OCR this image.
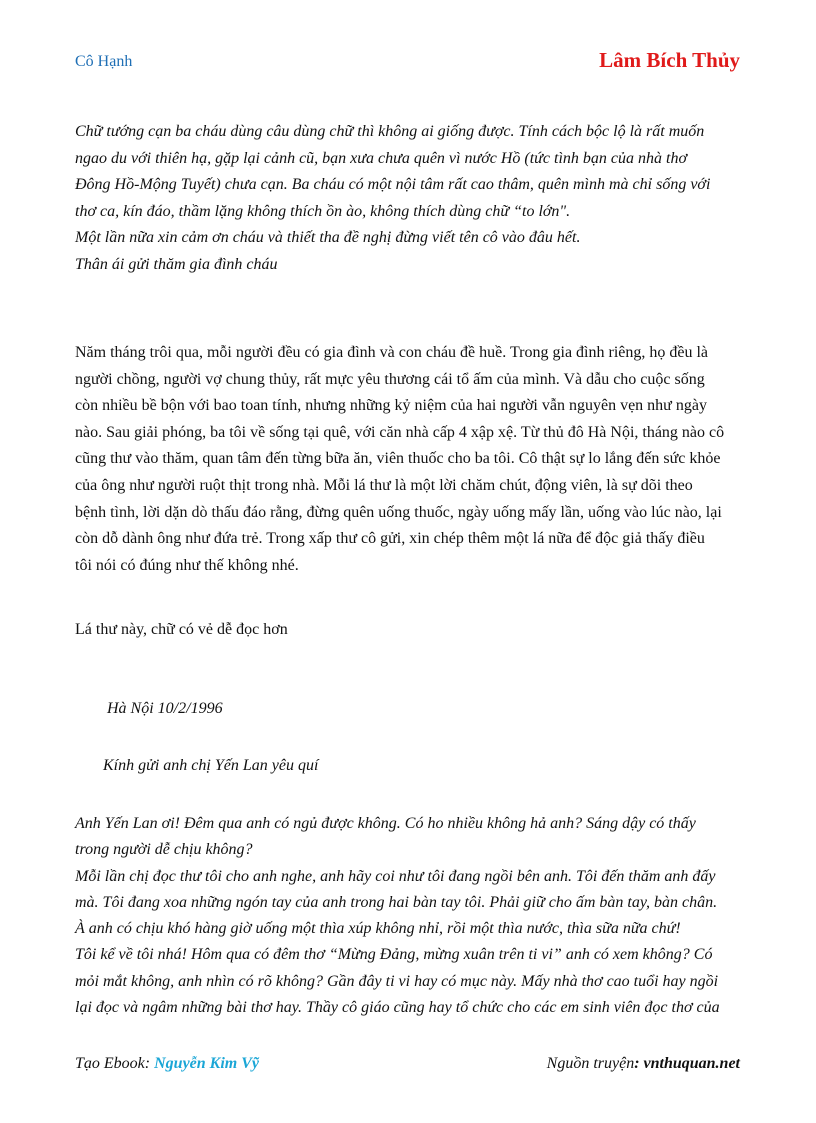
Cô Hạnh	Lâm Bích Thủy
Chữ tướng cạn ba cháu dùng câu dùng chữ thì không ai giống được. Tính cách bộc lộ là rất muốn
ngao du với thiên hạ, gặp lại cảnh cũ, bạn xưa chưa quên vì nước Hồ (tức tình bạn của nhà thơ
Đông Hồ-Mộng Tuyết) chưa cạn. Ba cháu có một nội tâm rất cao thâm, quên mình mà chỉ sống với
thơ ca, kín đáo, thầm lặng không thích ồn ào, không thích dùng chữ “to lớn".
Một lần nữa xin cảm ơn cháu và thiết tha đề nghị đừng viết tên cô vào đâu hết.
Thân ái gửi thăm gia đình cháu
Năm tháng trôi qua, mỗi người đều có gia đình và con cháu đề huề. Trong gia đình riêng, họ đều là
người chồng, người vợ chung thủy, rất mực yêu thương cái tổ ấm của mình. Và dẫu cho cuộc sống
còn nhiều bề bộn với bao toan tính, nhưng những kỷ niệm của hai người vẫn nguyên vẹn như ngày
nào. Sau giải phóng, ba tôi về sống tại quê, với căn nhà cấp 4 xập xệ. Từ thủ đô Hà Nội, tháng nào cô
cũng thư vào thăm, quan tâm đến từng bữa ăn, viên thuốc cho ba tôi. Cô thật sự lo lắng đến sức khỏe
của ông như người ruột thịt trong nhà. Mỗi lá thư là một lời chăm chút, động viên, là sự dõi theo
bệnh tình, lời dặn dò thấu đáo rằng, đừng quên uống thuốc, ngày uống mấy lần, uống vào lúc nào, lại
còn dỗ dành ông như đứa trẻ. Trong xấp thư cô gửi, xin chép thêm một lá nữa để độc giả thấy điều
tôi nói có đúng như thế không nhé.
Lá thư này, chữ có vẻ dễ đọc hơn
Hà Nội 10/2/1996
Kính gửi anh chị Yến Lan yêu quí
Anh Yến Lan ơi! Đêm qua anh có ngủ được không. Có ho nhiều không hả anh? Sáng dậy có thấy
trong người dễ chịu không?
Mỗi lần chị đọc thư tôi cho anh nghe, anh hãy coi như tôi đang ngồi bên anh. Tôi đến thăm anh đấy
mà. Tôi đang xoa những ngón tay của anh trong hai bàn tay tôi. Phải giữ cho ấm bàn tay, bàn chân.
À anh có chịu khó hàng giờ uống một thìa xúp không nhỉ, rồi một thìa nước, thìa sữa nữa chứ!
Tôi kể về tôi nhá! Hôm qua có đêm thơ “Mừng Đảng, mừng xuân trên ti vi” anh có xem không? Có
mỏi mắt không, anh nhìn có rõ không? Gần đây ti vi hay có mục này. Mấy nhà thơ cao tuổi hay ngồi
lại đọc và ngâm những bài thơ hay. Thầy cô giáo cũng hay tổ chức cho các em sinh viên đọc thơ của
Tạo Ebook: Nguyễn Kim Vỹ	Nguồn truyện: vnthuquan.net
